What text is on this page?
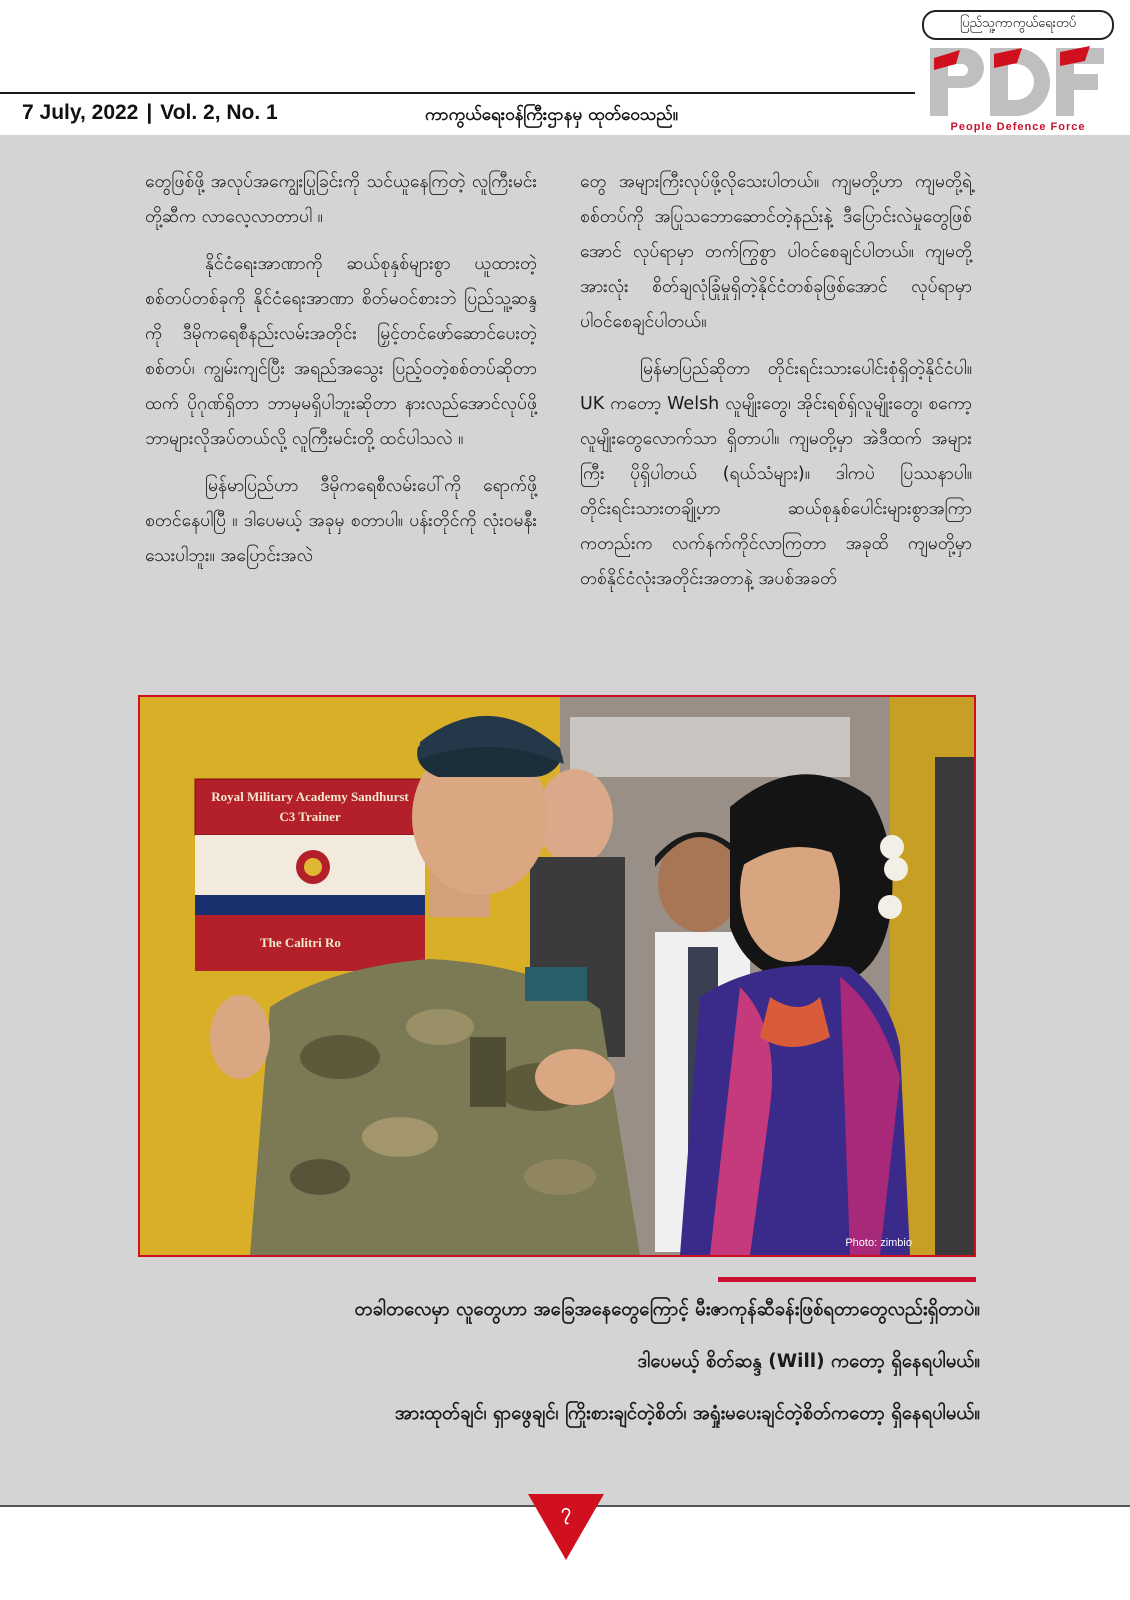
7 July, 2022 | Vol. 2, No. 1	ကာကွယ်ရေးဝန်ကြီးဌာနမှ ထုတ်ဝေသည်။
ပြည်သူ့ကာကွယ်ရေးတပ်
People Defence Force

တွေဖြစ်ဖို့ အလုပ်အကျွေးပြုခြင်းကို သင်ယူနေကြတဲ့ လူကြီးမင်းတို့ဆီက လာလေ့လာတာပါ ။

နိုင်ငံရေးအာဏာကို ဆယ်စုနှစ်များစွာ ယူထားတဲ့စစ်တပ်တစ်ခုကို နိုင်ငံရေးအာဏာ စိတ်မဝင်စားဘဲ ပြည်သူ့ဆန္ဒကို ဒီမိုကရေစီနည်းလမ်းအတိုင်း မြှင့်တင်ဖော်ဆောင်ပေးတဲ့စစ်တပ်၊ ကျွမ်းကျင်ပြီး အရည်အသွေး ပြည့်ဝတဲ့စစ်တပ်ဆိုတာ ထက် ပိုဂုဏ်ရှိတာ ဘာမှမရှိပါဘူးဆိုတာ နားလည်အောင်လုပ်ဖို့ဘာများလိုအပ်တယ်လို့ လူကြီးမင်းတို့ ထင်ပါသလဲ ။

မြန်မာပြည်ဟာ ဒီမိုကရေစီလမ်းပေါ်ကို ရောက်ဖို့ စတင်နေပါပြီ ။ ဒါပေမယ့် အခုမှ စတာပါ။ ပန်းတိုင်ကို လုံးဝမနီးသေးပါဘူး။ အပြောင်းအလဲ

တွေ အများကြီးလုပ်ဖို့လိုသေးပါတယ်။ ကျမတို့ဟာ ကျမတို့ရဲ့ စစ်တပ်ကို အပြုသဘောဆောင်တဲ့နည်းနဲ့ ဒီပြောင်းလဲမှုတွေဖြစ်အောင် လုပ်ရာမှာ တက်ကြွစွာ ပါဝင်စေချင်ပါတယ်။ ကျမတို့အားလုံး စိတ်ချလုံခြုံမှုရှိတဲ့နိုင်ငံတစ်ခုဖြစ်အောင် လုပ်ရာမှာ ပါဝင်စေချင်ပါတယ်။

မြန်မာပြည်ဆိုတာ တိုင်းရင်းသားပေါင်းစုံရှိတဲ့နိုင်ငံပါ။ UK ကတော့ Welsh လူမျိုးတွေ၊ အိုင်းရစ်ရှ်လူမျိုးတွေ၊ စကော့လူမျိုးတွေလောက်သာ ရှိတာပါ။ ကျမတို့မှာ အဲဒီထက် အများကြီး ပိုရှိပါတယ် (ရယ်သံများ)။ ဒါကပဲ ပြဿနာပါ။ တိုင်းရင်းသားတချို့ဟာ ဆယ်စုနှစ်ပေါင်းများစွာအကြာကတည်းက လက်နက်ကိုင်လာကြတာ အခုထိ ကျမတို့မှာ တစ်နိုင်ငံလုံးအတိုင်းအတာနဲ့ အပစ်အခတ်

Royal Military Academy Sandhurst
C3 Trainer
The Calitri Ro
Photo: zimbio
တခါတလေမှာ လူတွေဟာ အခြေအနေတွေကြောင့် မီးဇာကုန်ဆီခန်းဖြစ်ရတာတွေလည်းရှိတာပဲ။
ဒါပေမယ့် စိတ်ဆန္ဒ (Will) ကတော့ ရှိနေရပါမယ်။
အားထုတ်ချင်၊ ရှာဖွေချင်၊ ကြိုးစားချင်တဲ့စိတ်၊ အရှုံးမပေးချင်တဲ့စိတ်ကတော့ ရှိနေရပါမယ်။
၇
